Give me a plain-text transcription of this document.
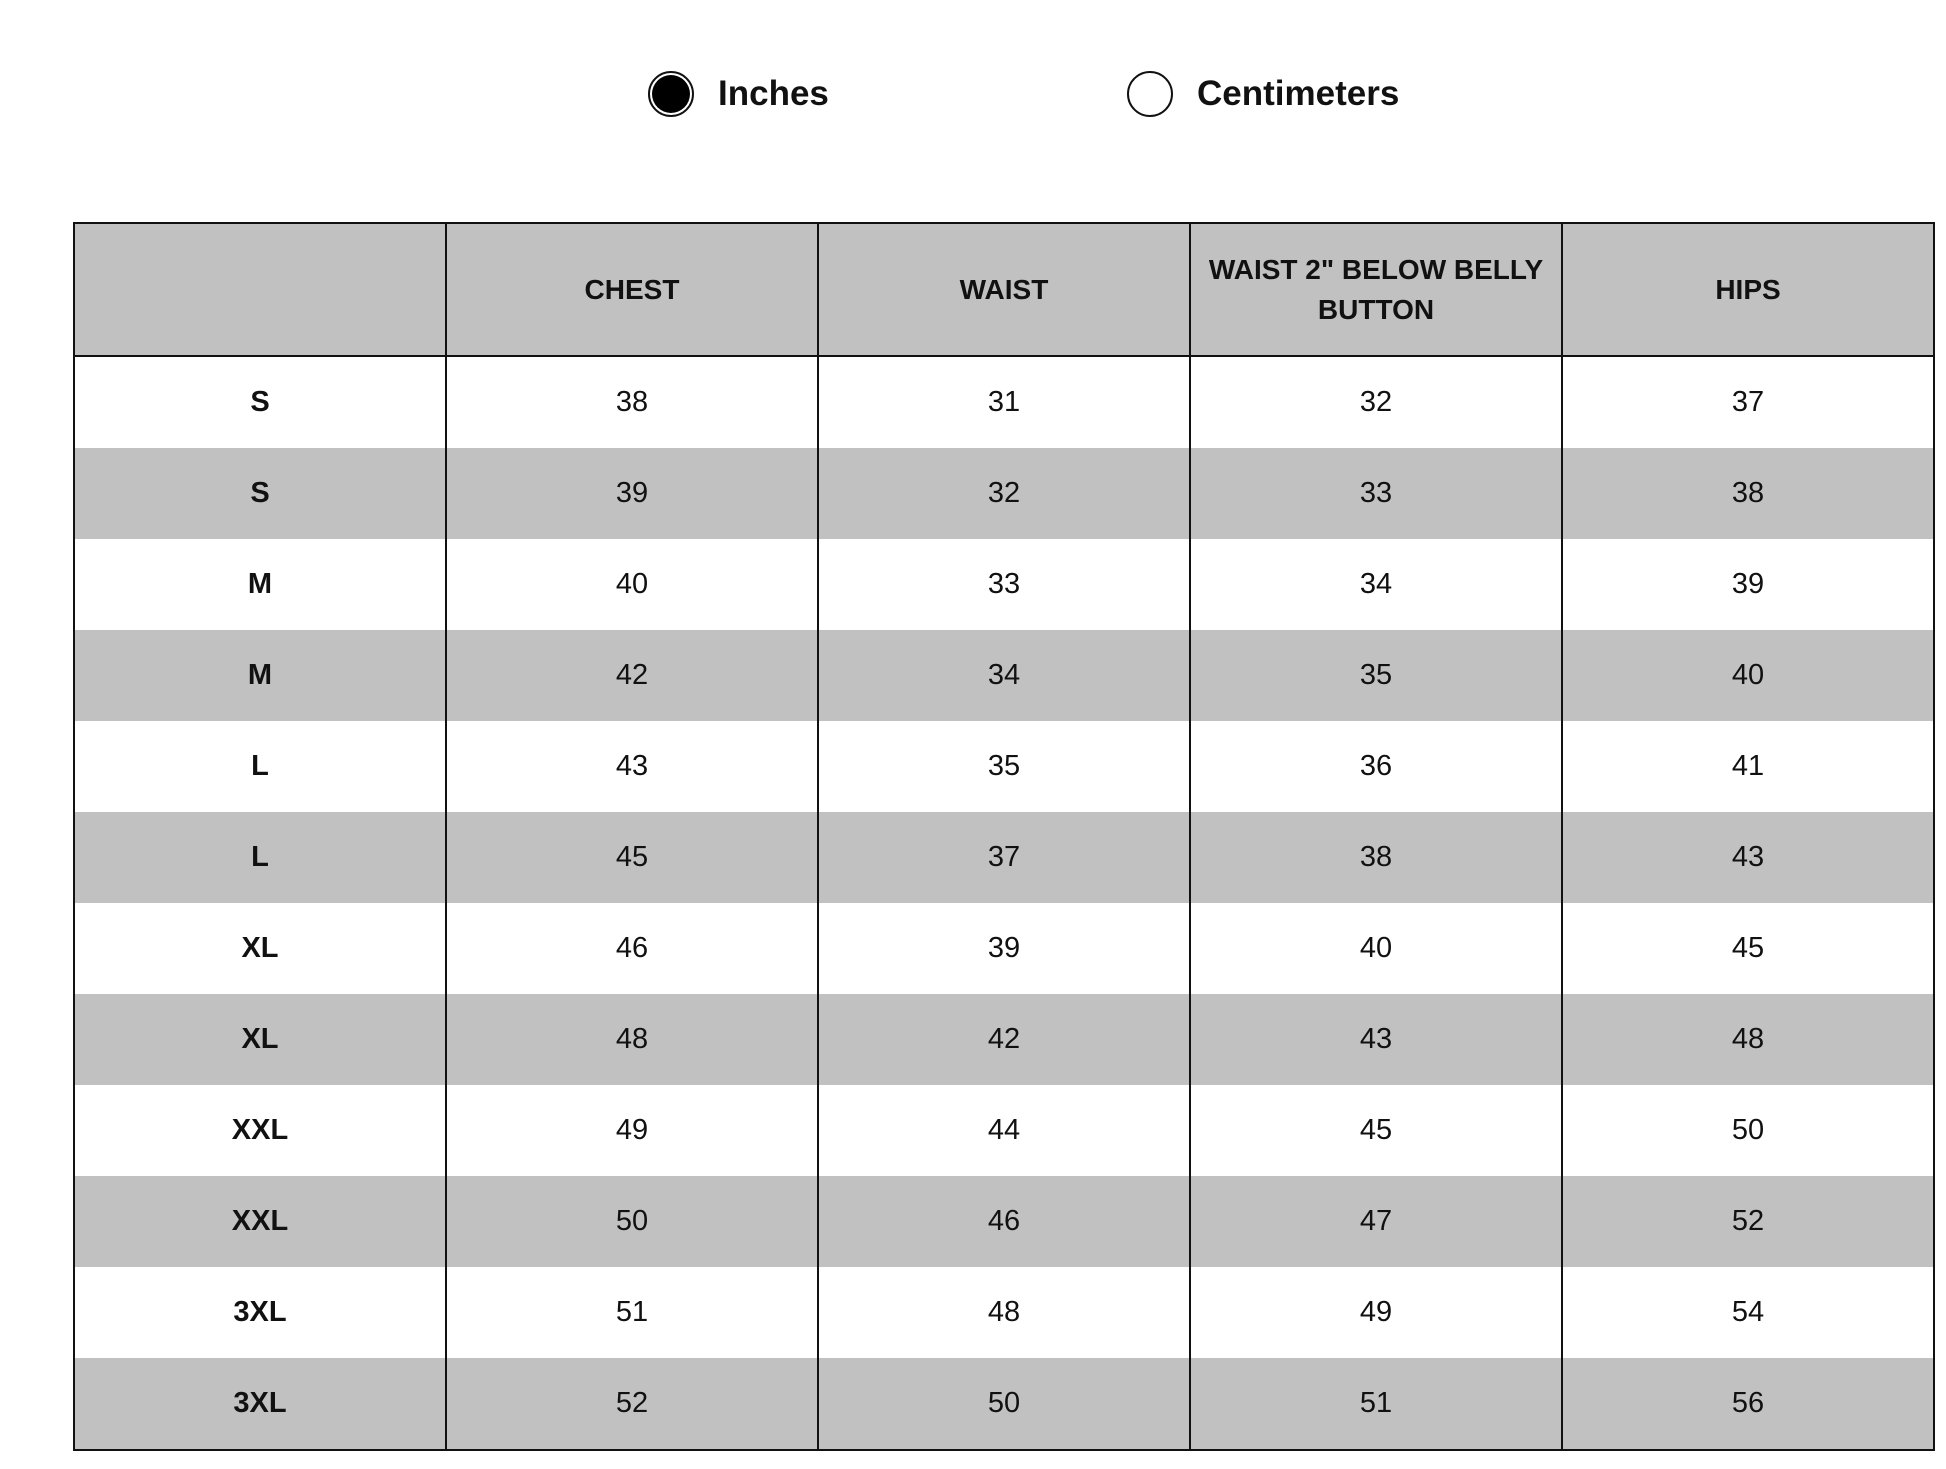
Inches	Centimeters
	CHEST	WAIST	WAIST 2" BELOW BELLY BUTTON	HIPS
S	38	31	32	37
S	39	32	33	38
M	40	33	34	39
M	42	34	35	40
L	43	35	36	41
L	45	37	38	43
XL	46	39	40	45
XL	48	42	43	48
XXL	49	44	45	50
XXL	50	46	47	52
3XL	51	48	49	54
3XL	52	50	51	56
